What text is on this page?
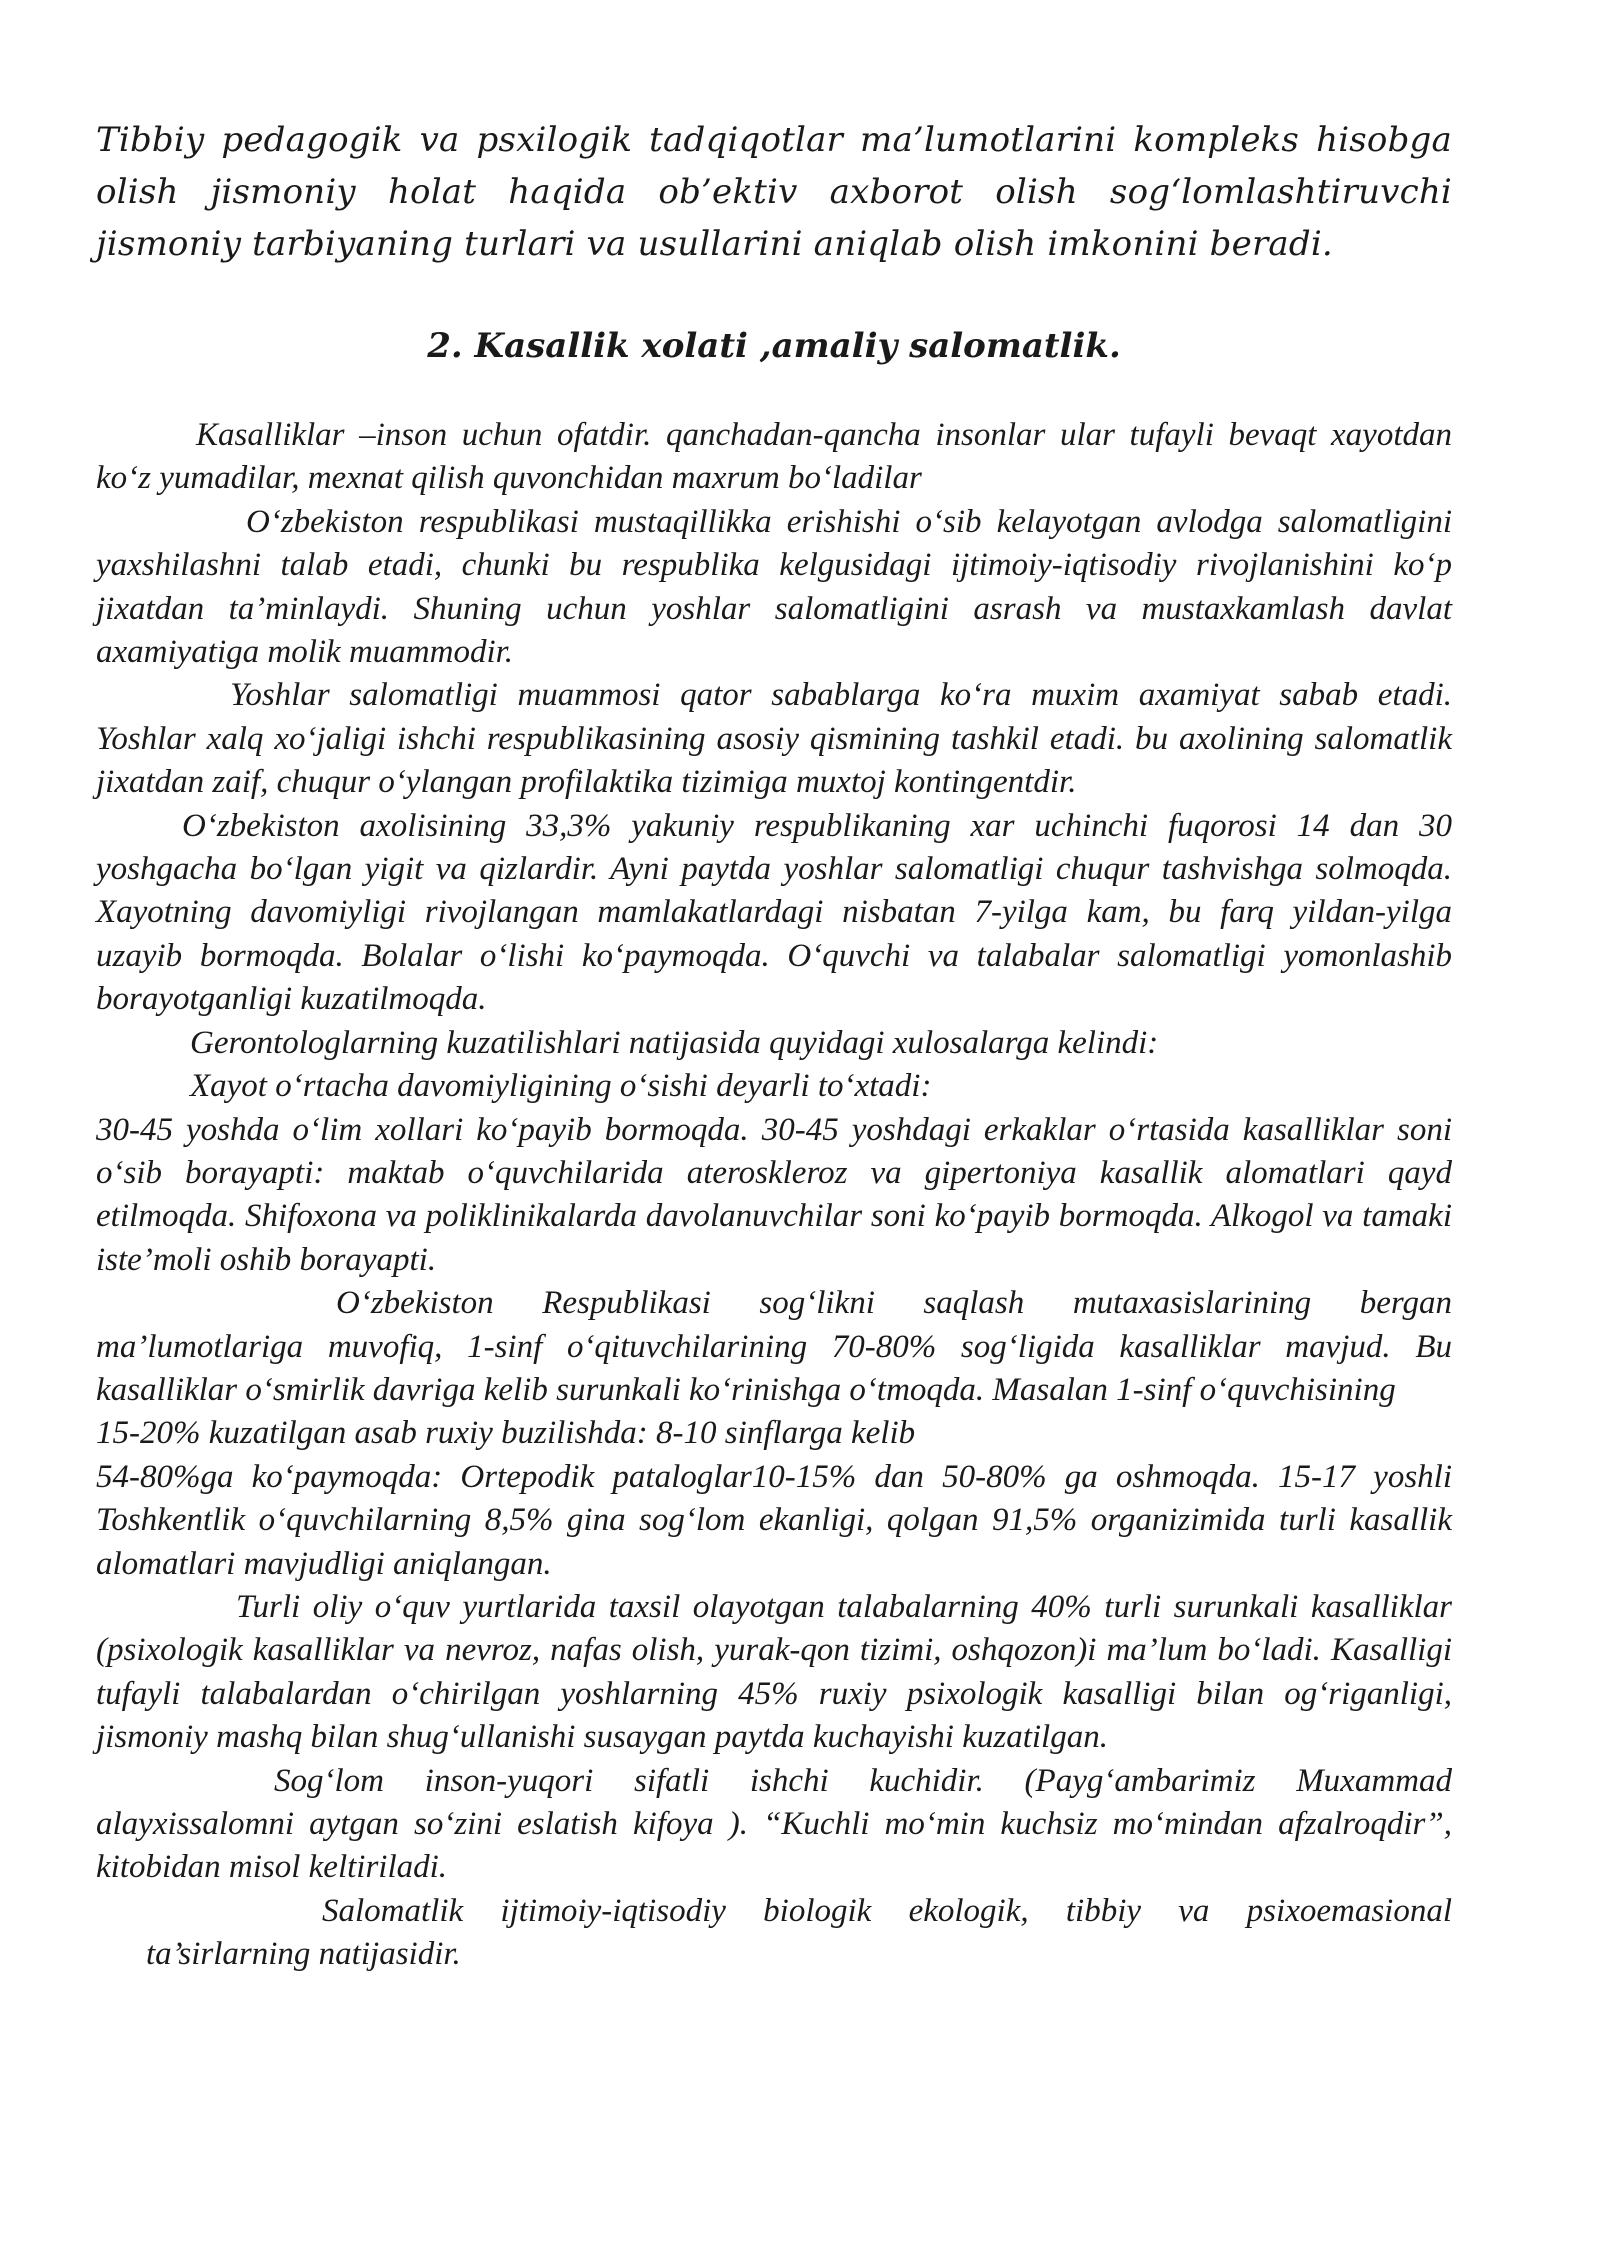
Tibbiy pedagogik va psxilogik tadqiqotlar ma’lumotlarini kompleks hisobga olish jismoniy holat haqida ob’ektiv axborot olish sog‘lomlashtiruvchi jismoniy tarbiyaning turlari va usullarini aniqlab olish imkonini beradi.

2. Kasallik xolati ,amaliy salomatlik.

Kasalliklar –inson uchun ofatdir. qanchadan-qancha insonlar ular tufayli bevaqt xayotdan ko‘z yumadilar, mexnat qilish quvonchidan maxrum bo‘ladilar

O‘zbekiston respublikasi mustaqillikka erishishi o‘sib kelayotgan avlodga salomatligini yaxshilashni talab etadi, chunki bu respublika kelgusidagi ijtimoiy-iqtisodiy rivojlanishini ko‘p jixatdan ta’minlaydi. Shuning uchun yoshlar salomatligini asrash va mustaxkamlash davlat axamiyatiga molik muammodir.

Yoshlar salomatligi muammosi qator sabablarga ko‘ra muxim axamiyat sabab etadi. Yoshlar xalq xo‘jaligi ishchi respublikasining asosiy qismining tashkil etadi. bu axolining salomatlik jixatdan zaif, chuqur o‘ylangan profilaktika tizimiga muxtoj kontingentdir.

O‘zbekiston axolisining 33,3% yakuniy respublikaning xar uchinchi fuqorosi 14 dan 30 yoshgacha bo‘lgan yigit va qizlardir. Ayni paytda yoshlar salomatligi chuqur tashvishga solmoqda. Xayotning davomiyligi rivojlangan mamlakatlardagi nisbatan 7-yilga kam, bu farq yildan-yilga uzayib bormoqda. Bolalar o‘lishi ko‘paymoqda. O‘quvchi va talabalar salomatligi yomonlashib borayotganligi kuzatilmoqda.

Gerontologlarning kuzatilishlari natijasida quyidagi xulosalarga kelindi:

Xayot o‘rtacha davomiyligining o‘sishi deyarli to‘xtadi:

30-45 yoshda o‘lim xollari ko‘payib bormoqda. 30-45 yoshdagi erkaklar o‘rtasida kasalliklar soni o‘sib borayapti: maktab o‘quvchilarida ateroskleroz va gipertoniya kasallik alomatlari qayd etilmoqda. Shifoxona va poliklinikalarda davolanuvchilar soni ko‘payib bormoqda. Alkogol va tamaki iste’moli oshib borayapti.

O‘zbekiston Respublikasi sog‘likni saqlash mutaxasislarining bergan ma’lumotlariga muvofiq, 1-sinf o‘qituvchilarining 70-80% sog‘ligida kasalliklar mavjud. Bu kasalliklar o‘smirlik davriga kelib surunkali ko‘rinishga o‘tmoqda. Masalan 1-sinf o‘quvchisining

15-20% kuzatilgan asab ruxiy buzilishda: 8-10 sinflarga kelib

54-80%ga ko‘paymoqda: Ortepodik pataloglar10-15% dan 50-80% ga oshmoqda. 15-17 yoshli Toshkentlik o‘quvchilarning 8,5% gina sog‘lom ekanligi, qolgan 91,5% organizimida turli kasallik alomatlari mavjudligi aniqlangan.

Turli oliy o‘quv yurtlarida taxsil olayotgan talabalarning 40% turli surunkali kasalliklar (psixologik kasalliklar va nevroz, nafas olish, yurak-qon tizimi, oshqozon)i ma’lum bo‘ladi. Kasalligi tufayli talabalardan o‘chirilgan yoshlarning 45% ruxiy psixologik kasalligi bilan og‘riganligi, jismoniy mashq bilan shug‘ullanishi susaygan paytda kuchayishi kuzatilgan.

Sog‘lom inson-yuqori sifatli ishchi kuchidir. (Payg‘ambarimiz Muxammad alayxissalomni aytgan so‘zini eslatish kifoya ). “Kuchli mo‘min kuchsiz mo‘mindan afzalroqdir”, kitobidan misol keltiriladi.

Salomatlik ijtimoiy-iqtisodiy biologik ekologik, tibbiy va psixoemasional
ta’sirlarning natijasidir.
